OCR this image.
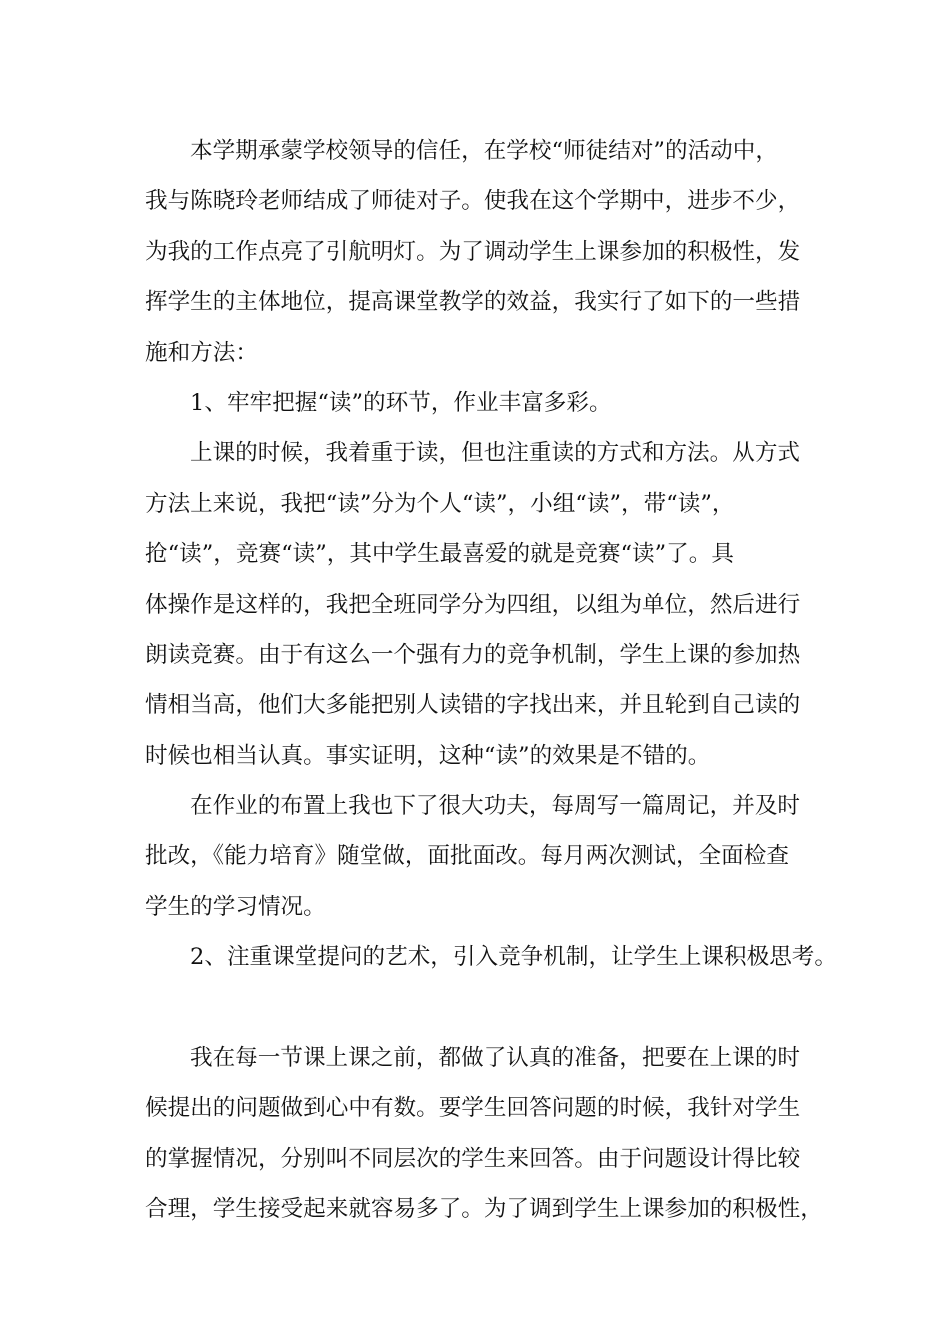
本学期承蒙学校领导的信任，在学校“师徒结对”的活动中，
我与陈晓玲老师结成了师徒对子。使我在这个学期中，进步不少，
为我的工作点亮了引航明灯。为了调动学生上课参加的积极性，发
挥学生的主体地位，提高课堂教学的效益，我实行了如下的一些措
施和方法：

1、牢牢把握“读”的环节，作业丰富多彩。

上课的时候，我着重于读，但也注重读的方式和方法。从方式
方法上来说，我把“读”分为个人“读”，小组“读”，带“读”，
抢“读”，竞赛“读”，其中学生最喜爱的就是竞赛“读”了。具
体操作是这样的，我把全班同学分为四组，以组为单位，然后进行
朗读竞赛。由于有这么一个强有力的竞争机制，学生上课的参加热
情相当高，他们大多能把别人读错的字找出来，并且轮到自己读的
时候也相当认真。事实证明，这种“读”的效果是不错的。

在作业的布置上我也下了很大功夫，每周写一篇周记，并及时
批改，《能力培育》随堂做，面批面改。每月两次测试，全面检查
学生的学习情况。

2、注重课堂提问的艺术，引入竞争机制，让学生上课积极思考。

我在每一节课上课之前，都做了认真的准备，把要在上课的时
候提出的问题做到心中有数。要学生回答问题的时候，我针对学生
的掌握情况，分别叫不同层次的学生来回答。由于问题设计得比较
合理，学生接受起来就容易多了。为了调到学生上课参加的积极性，
